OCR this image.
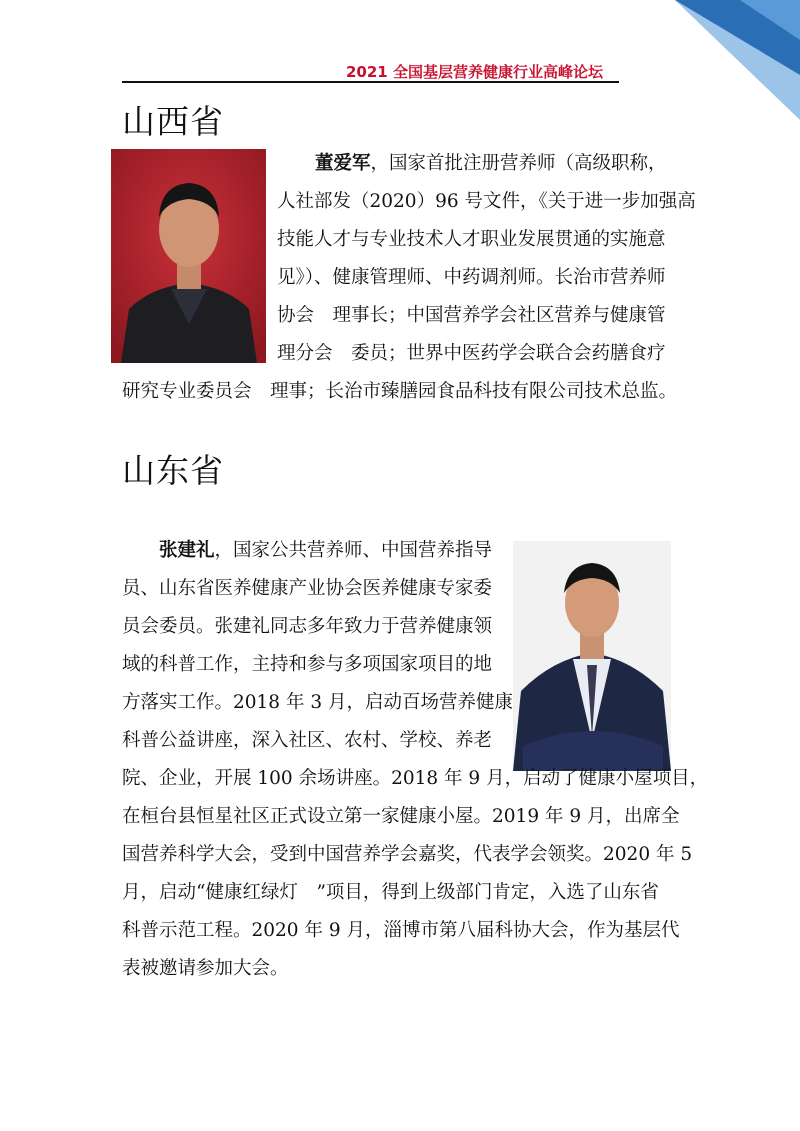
2021 全国基层营养健康行业高峰论坛
山西省
董爱军，国家首批注册营养师（高级职称，
人社部发（2020）96 号文件，《关于进一步加强高
技能人才与专业技术人才职业发展贯通的实施意
见》）、健康管理师、中药调剂师。长治市营养师
协会　理事长；中国营养学会社区营养与健康管
理分会　委员；世界中医药学会联合会药膳食疗
研究专业委员会　理事；长治市臻膳园食品科技有限公司技术总监。
山东省
张建礼，国家公共营养师、中国营养指导
员、山东省医养健康产业协会医养健康专家委
员会委员。张建礼同志多年致力于营养健康领
域的科普工作，主持和参与多项国家项目的地
方落实工作。2018 年 3 月，启动百场营养健康
科普公益讲座，深入社区、农村、学校、养老
院、企业，开展 100 余场讲座。2018 年 9 月，启动了健康小屋项目，
在桓台县恒星社区正式设立第一家健康小屋。2019 年 9 月，出席全
国营养科学大会，受到中国营养学会嘉奖，代表学会领奖。2020 年 5
月，启动“健康红绿灯　”项目，得到上级部门肯定，入选了山东省
科普示范工程。2020 年 9 月，淄博市第八届科协大会，作为基层代
表被邀请参加大会。
